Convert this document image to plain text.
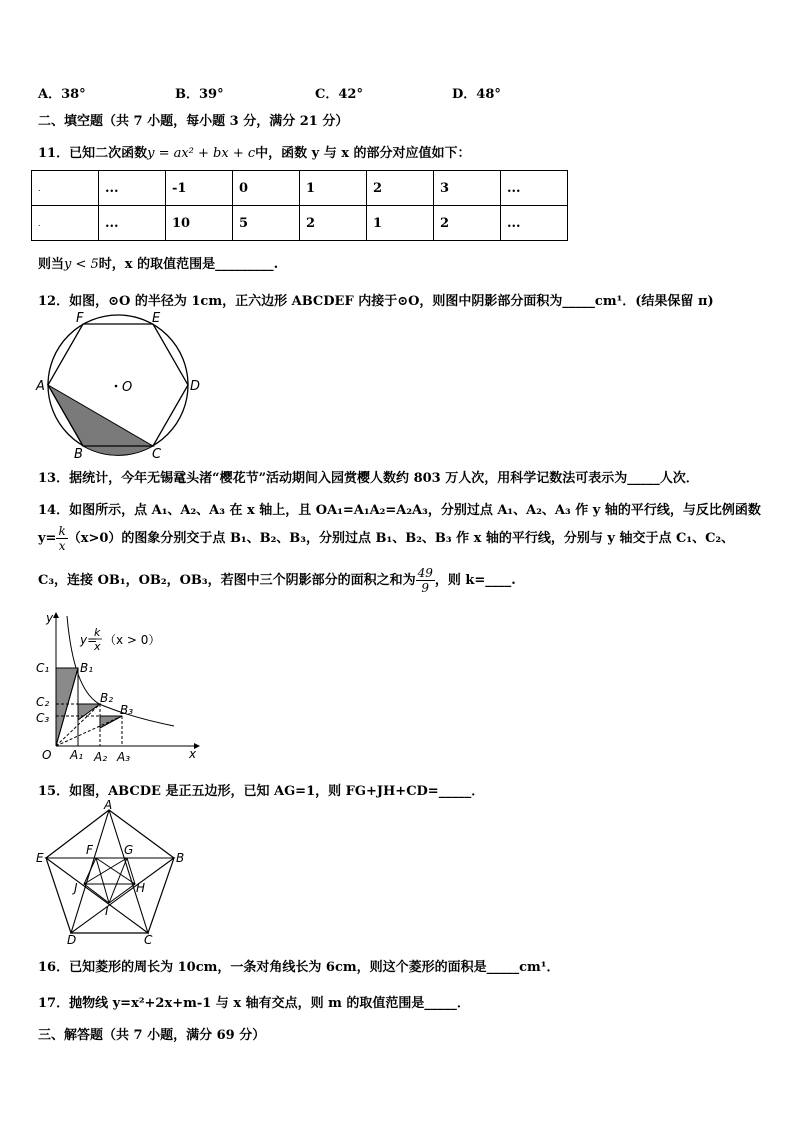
A．38°	B．39°	C．42°	D．48°
二、填空题（共 7 小题，每小题 3 分，满分 21 分）
11．已知二次函数y = ax² + bx + c中，函数 y 与 x 的部分对应值如下：
.	...	-1	0	1	2	3	...
.	...	10	5	2	1	2	...
则当y < 5时，x 的取值范围是_________.
12．如图，⊙O 的半径为 1cm，正六边形 ABCDEF 内接于⊙O，则图中阴影部分面积为_____cm¹．(结果保留 π)
A
B	C
D
E
F
O
13．据统计，今年无锡鼋头渚“樱花节”活动期间入园赏樱人数约 803 万人次，用科学记数法可表示为_____人次．
14．如图所示，点 A₁、A₂、A₃ 在 x 轴上，且 OA₁=A₁A₂=A₂A₃，分别过点 A₁、A₂、A₃ 作 y 轴的平行线，与反比例函数
$y= \frac{k}{x} (x>0)$的图象分别交于点 B₁、B₂、B₃，分别过点 B₁、B₂、B₃ 作 x 轴的平行线，分别与 y 轴交于点 C₁、C₂、
C₃，连接 OB₁，OB₂，OB₃，若图中三个阴影部分的面积之和为 $\frac{49}{9}$ ，则 k=____.
y
x
O
C₁
C₂
C₃
B₁
B₂
B₃
A₁ A₂ A₃
y=
k
x （x > 0）
15．如图，ABCDE 是正五边形，已知 AG=1，则 FG+JH+CD=_____．
A
B
C
D
E
F	G
H
I
J
16．已知菱形的周长为 10cm，一条对角线长为 6cm，则这个菱形的面积是_____cm¹．
17．抛物线 y=x²+2x+m-1 与 x 轴有交点，则 m 的取值范围是_____．
三、解答题（共 7 小题，满分 69 分）
